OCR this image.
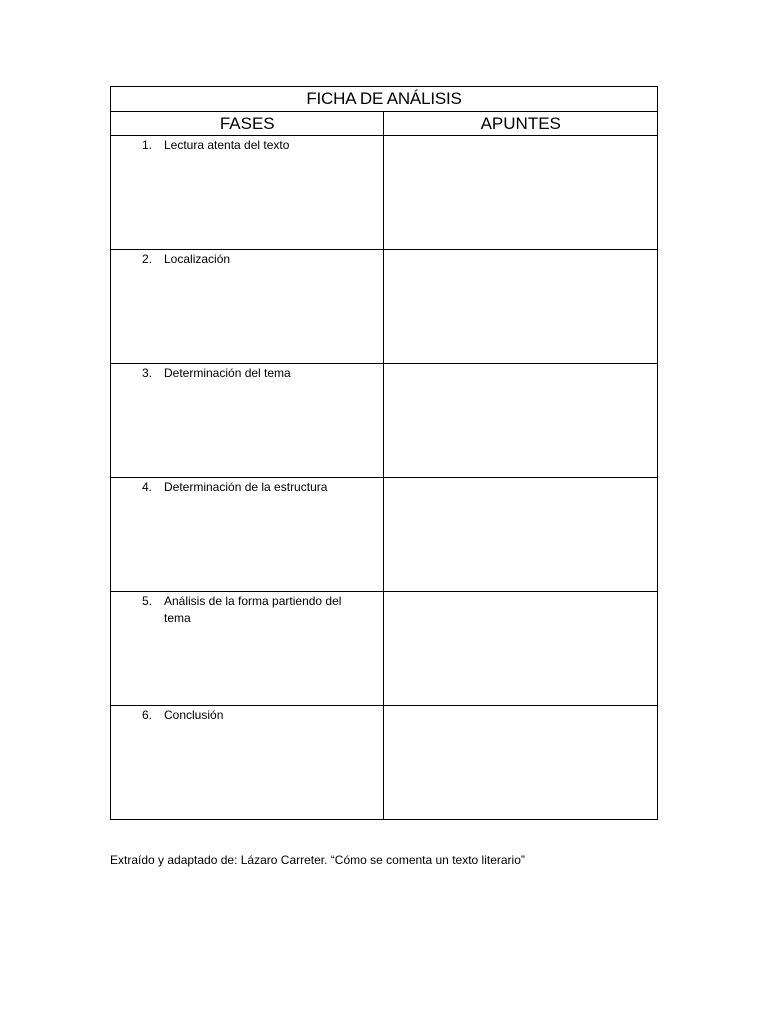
FICHA DE ANÁLISIS	
FASES	APUNTES

1. Lectura atenta del texto	

2. Localización	

3. Determinación del tema	

4. Determinación de la estructura	

5. Análisis de la forma partiendo del tema	

6. Conclusión	

Extraído y adaptado de: Lázaro Carreter. “Cómo se comenta un texto literario”
